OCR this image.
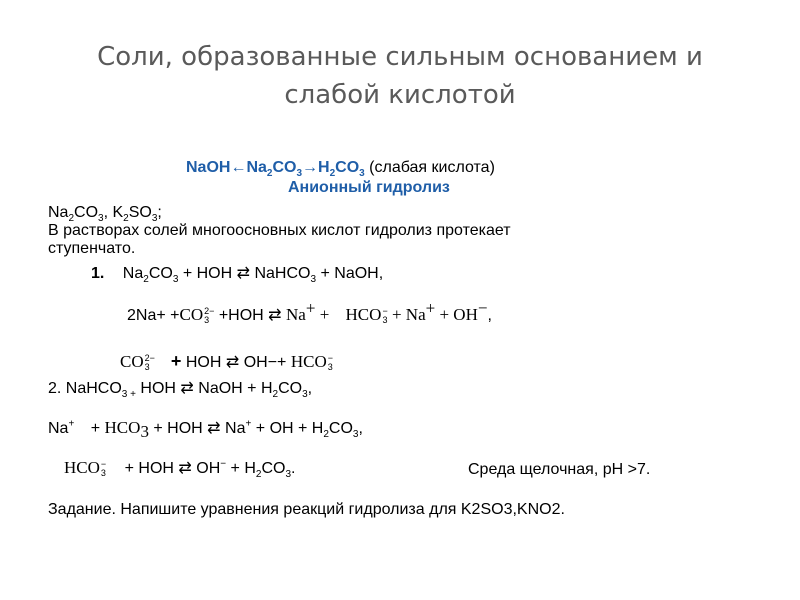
Соли, образованные сильным основанием и
слабой кислотой
$NaOH\leftarrow Na_2CO_3\to H_2CO_3$ (слабая кислота)
Анионный гидролиз
$Na_2CO_3$, $K_2SO_3$;
В растворах солей многоосновных кислот гидролиз протекает
ступенчато.
1. $Na_2CO_3$ + HOH ⇄ NaHCO$_3$ + NaOH,
2Na+ +CO 2−
3 +HOH ⇄ Na+ + HCO −
3 + Na+ + OH−,
CO 2−
3 + HOH ⇄ OH−+ HCO −
3
2. NaHCO$_{3 +}$ HOH ⇄ NaOH + $H_2CO_3$,
$Na^+ + HCO_3$ + HOH ⇄ Na+ + OH + $H_2CO_3$,
HCO −
3 + HOH ⇄ $OH^- + H_2CO_3$.	Среда щелочная, pH >7.
Задание. Напишите уравнения реакций гидролиза для K2SO3,KNO2.
